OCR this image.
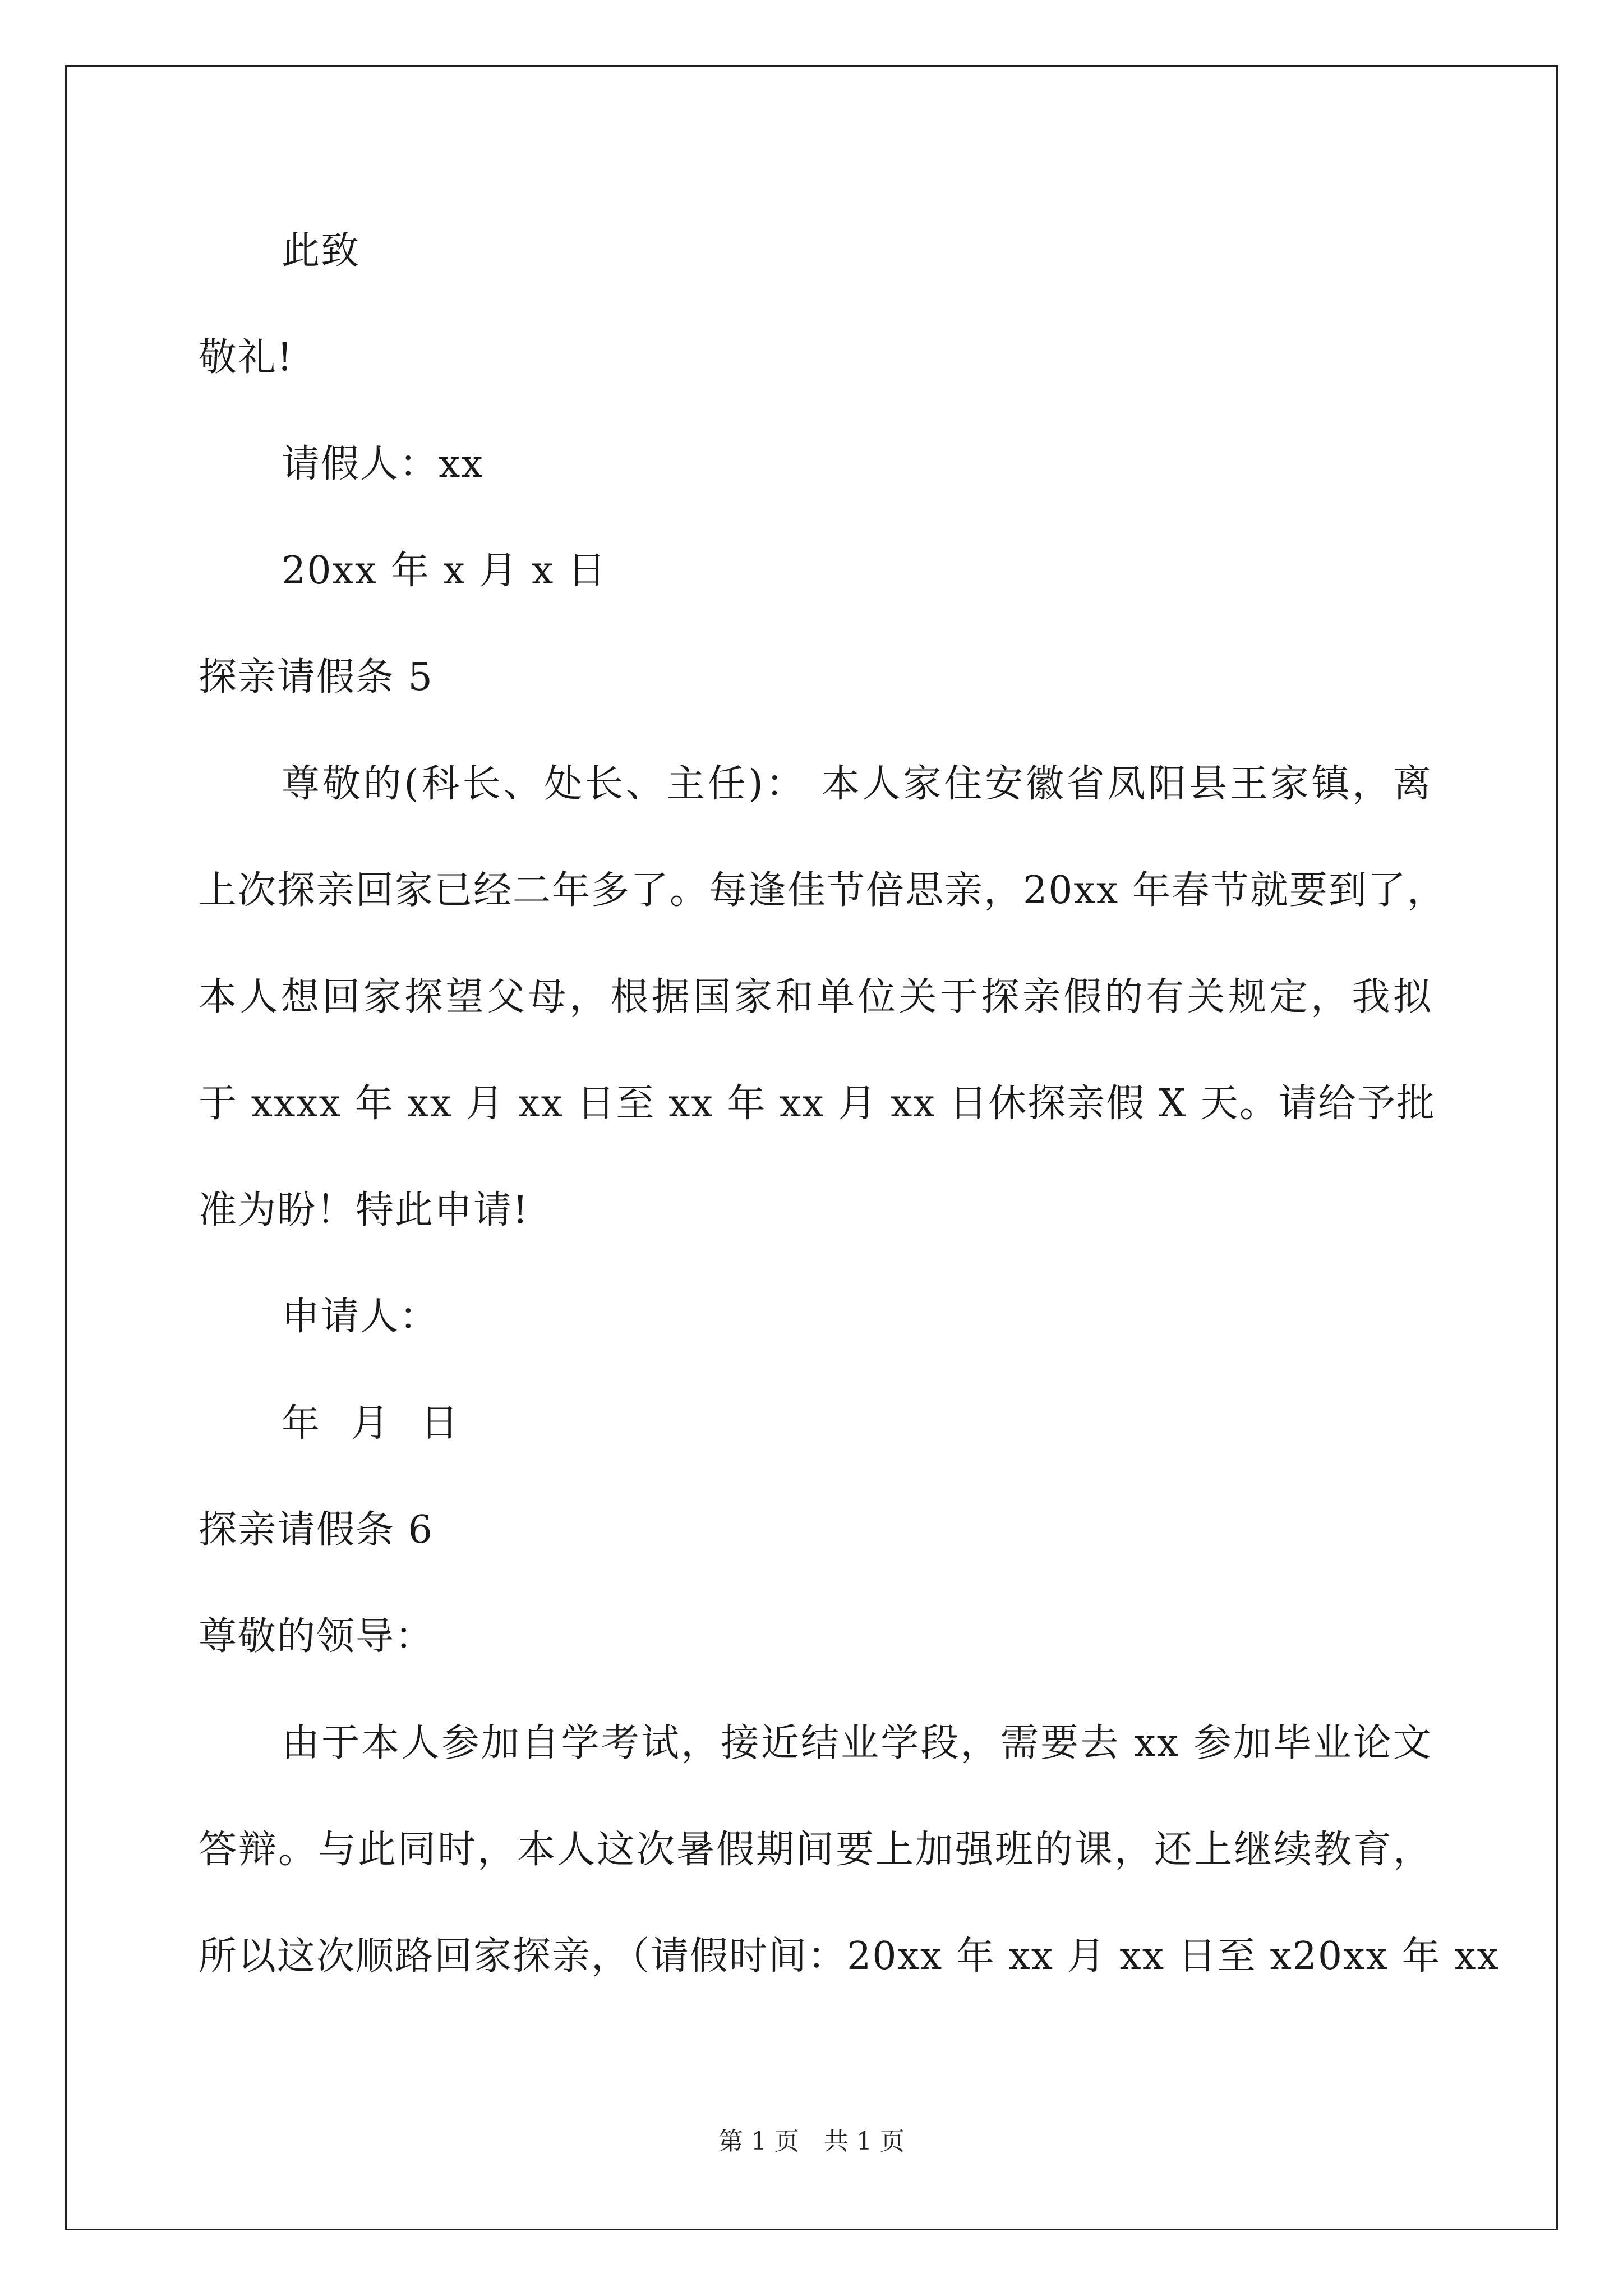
此致
敬礼!
请假人：xx
20xx 年 x 月 x 日
探亲请假条 5
尊敬的(科长、处长、主任)： 本人家住安徽省凤阳县王家镇，离
上次探亲回家已经二年多了。每逢佳节倍思亲，20xx 年春节就要到了，
本人想回家探望父母，根据国家和单位关于探亲假的有关规定，我拟
于 xxxx 年 xx 月 xx 日至 xx 年 xx 月 xx 日休探亲假 X 天。请给予批
准为盼！特此申请!
申请人：
年 月 日
探亲请假条 6
尊敬的领导：
由于本人参加自学考试，接近结业学段，需要去 xx 参加毕业论文
答辩。与此同时，本人这次暑假期间要上加强班的课，还上继续教育，
所以这次顺路回家探亲，（请假时间：20xx 年 xx 月 xx 日至 x20xx 年 xx
第 1 页　共 1 页
